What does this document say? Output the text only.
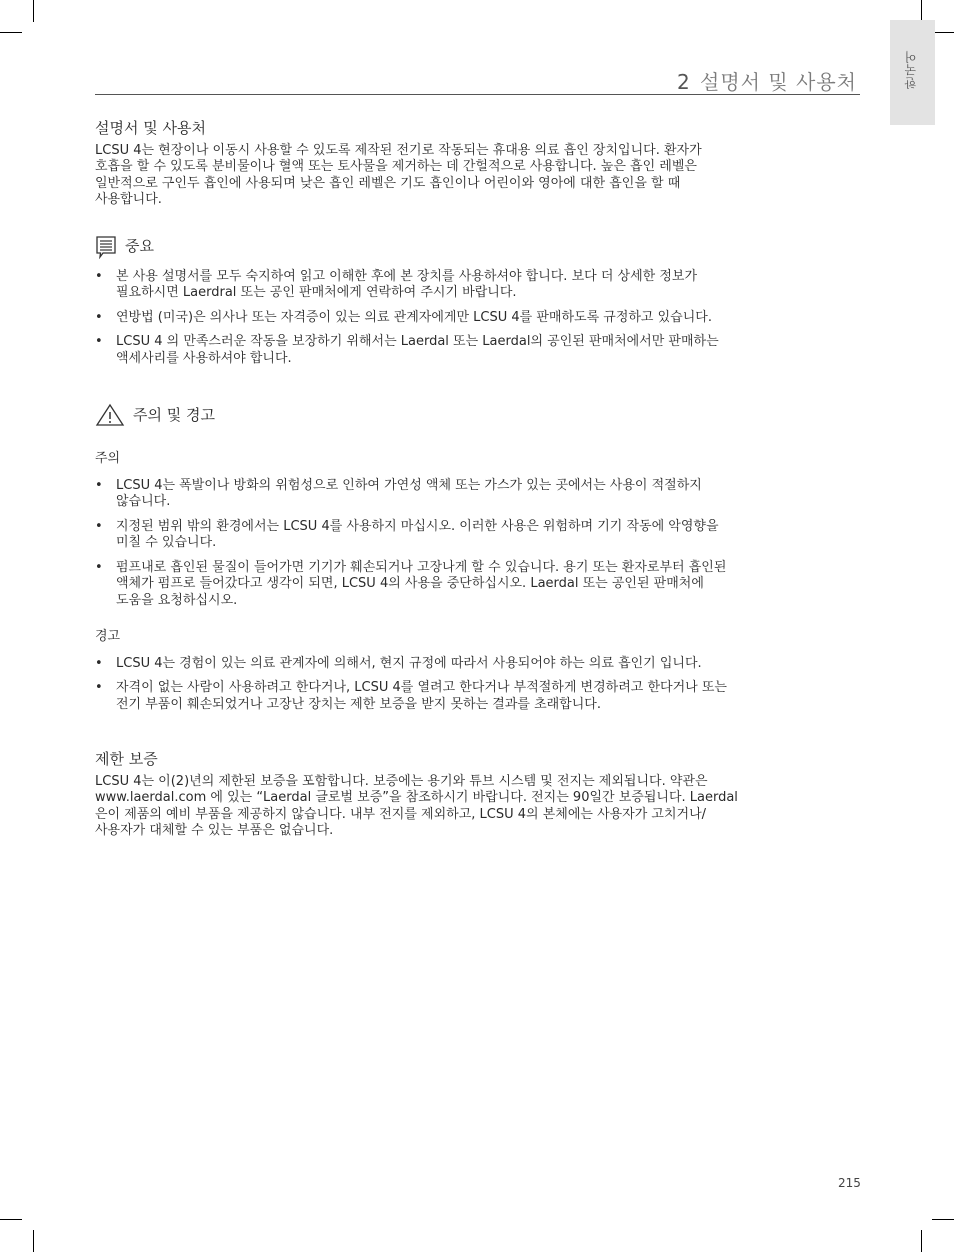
한국어
2 설명서 및 사용처
설명서 및 사용처

LCSU 4는 현장이나 이동시 사용할 수 있도록 제작된 전기로 작동되는 휴대용 의료 흡인 장치입니다. 환자가
호흡을 할 수 있도록 분비물이나 혈액 또는 토사물을 제거하는 데 간헐적으로 사용합니다. 높은 흡인 레벨은
일반적으로 구인두 흡인에 사용되며 낮은 흡인 레벨은 기도 흡인이나 어린이와 영아에 대한 흡인을 할 때
사용합니다.

중요
• 본 사용 설명서를 모두 숙지하여 읽고 이해한 후에 본 장치를 사용하셔야 합니다. 보다 더 상세한 정보가
필요하시면 Laerdral 또는 공인 판매처에게 연락하여 주시기 바랍니다.
• 연방법 (미국)은 의사나 또는 자격증이 있는 의료 관계자에게만 LCSU 4를 판매하도록 규정하고 있습니다.
• LCSU 4 의 만족스러운 작동을 보장하기 위해서는 Laerdal 또는 Laerdal의 공인된 판매처에서만 판매하는
액세사리를 사용하셔야 합니다.
주의 및 경고

주의

• LCSU 4는 폭발이나 방화의 위험성으로 인하여 가연성 액체 또는 가스가 있는 곳에서는 사용이 적절하지
않습니다.
• 지정된 범위 밖의 환경에서는 LCSU 4를 사용하지 마십시오. 이러한 사용은 위험하며 기기 작동에 악영향을
미칠 수 있습니다.
• 펌프내로 흡인된 물질이 들어가면 기기가 훼손되거나 고장나게 할 수 있습니다. 용기 또는 환자로부터 흡인된
액체가 펌프로 들어갔다고 생각이 되면, LCSU 4의 사용을 중단하십시오. Laerdal 또는 공인된 판매처에
도움을 요청하십시오.

경고

• LCSU 4는 경험이 있는 의료 관계자에 의해서, 현지 규정에 따라서 사용되어야 하는 의료 흡인기 입니다.
• 자격이 없는 사람이 사용하려고 한다거나, LCSU 4를 열려고 한다거나 부적절하게 변경하려고 한다거나 또는
전기 부품이 훼손되었거나 고장난 장치는 제한 보증을 받지 못하는 결과를 초래합니다.
제한 보증

LCSU 4는 이(2)년의 제한된 보증을 포함합니다. 보증에는 용기와 튜브 시스템 및 전지는 제외됩니다. 약관은
www.laerdal.com 에 있는 “Laerdal 글로벌 보증”을 참조하시기 바랍니다. 전지는 90일간 보증됩니다. Laerdal
은이 제품의 예비 부품을 제공하지 않습니다. 내부 전지를 제외하고, LCSU 4의 본체에는 사용자가 고치거나/
사용자가 대체할 수 있는 부품은 없습니다.

215
